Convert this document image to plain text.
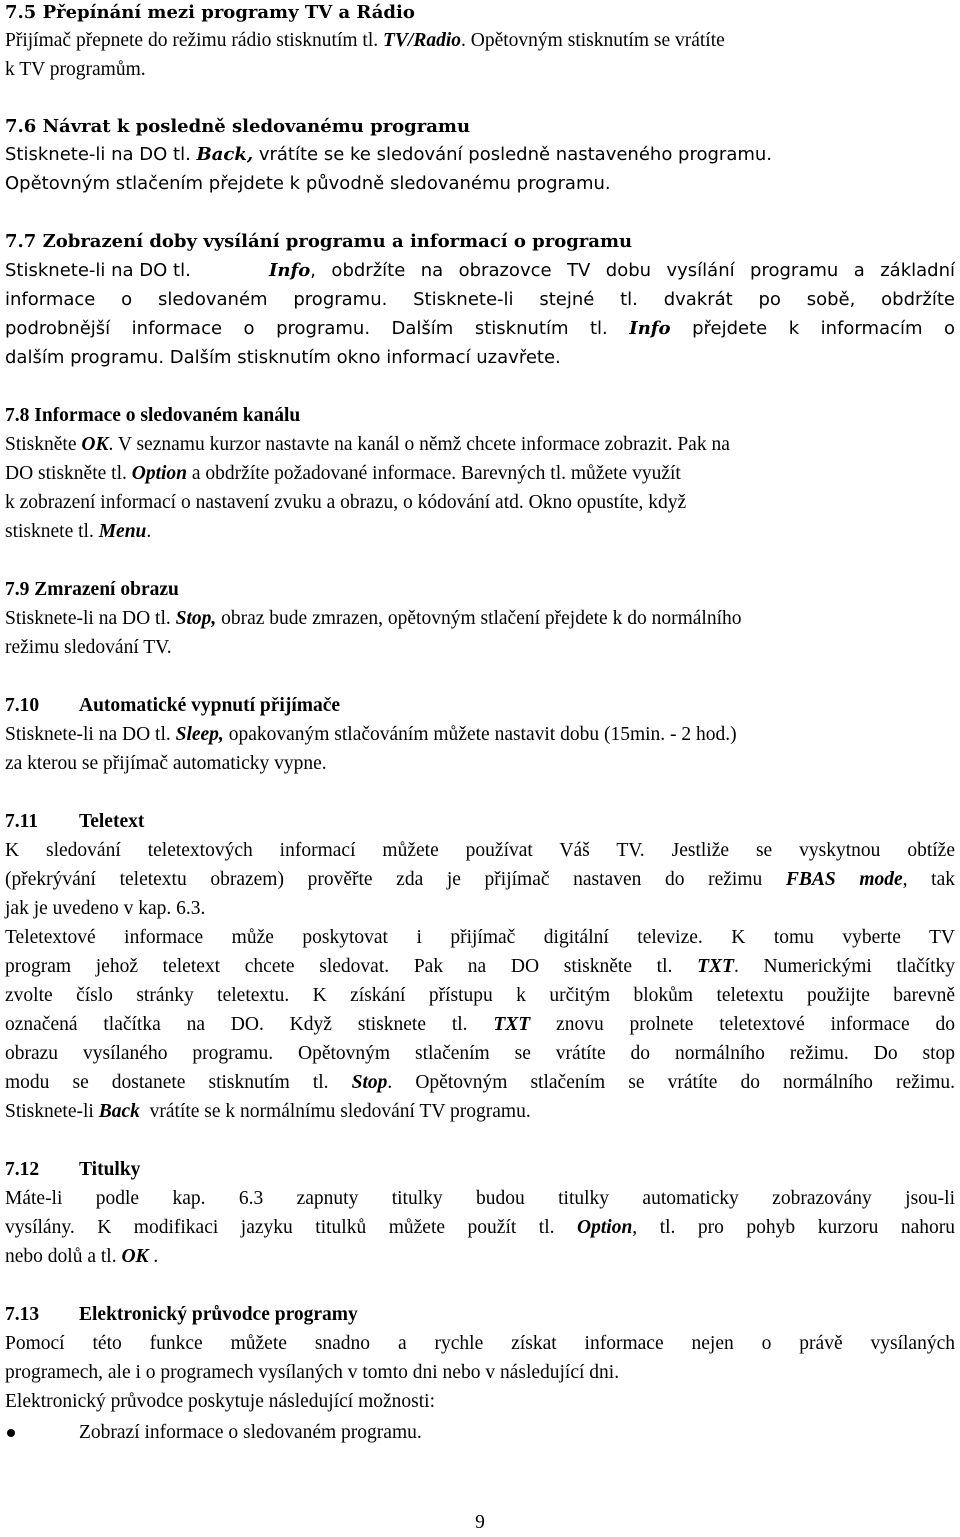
7.5 Přepínání mezi programy TV a Rádio
Přijímač přepnete do režimu rádio stisknutím tl. TV/Radio. Opětovným stisknutím se vrátíte
k TV programům.
7.6 Návrat k posledně sledovanému programu
Stisknete-li na DO tl. Back, vrátíte se ke sledování posledně nastaveného programu.
Opětovným stlačením přejdete k původně sledovanému programu.
7.7 Zobrazení doby vysílání programu a informací o programu
Stisknete-li na DO tl.	Info, obdržíte na obrazovce TV dobu vysílání programu a základní
informace o sledovaném programu. Stisknete-li stejné tl. dvakrát po sobě, obdržíte
podrobnější informace o programu. Dalším stisknutím tl. Info přejdete k informacím o
dalším programu. Dalším stisknutím okno informací uzavřete.
7.8 Informace o sledovaném kanálu
Stiskněte OK. V seznamu kurzor nastavte na kanál o němž chcete informace zobrazit. Pak na
DO stiskněte tl. Option a obdržíte požadované informace. Barevných tl. můžete využít
k zobrazení informací o nastavení zvuku a obrazu, o kódování atd. Okno opustíte, když
stisknete tl. Menu.
7.9 Zmrazení obrazu
Stisknete-li na DO tl. Stop, obraz bude zmrazen, opětovným stlačení přejdete k do normálního
režimu sledování TV.
7.10 Automatické vypnutí přijímače
Stisknete-li na DO tl. Sleep, opakovaným stlačováním můžete nastavit dobu (15min. - 2 hod.)
za kterou se přijímač automaticky vypne.
7.11 Teletext
K sledování teletextových informací můžete používat Váš TV. Jestliže se vyskytnou obtíže
(překrývání teletextu obrazem) prověřte zda je přijímač nastaven do režimu FBAS mode, tak
jak je uvedeno v kap. 6.3.
Teletextové informace může poskytovat i přijímač digitální televize. K tomu vyberte TV
program jehož teletext chcete sledovat. Pak na DO stiskněte tl. TXT. Numerickými tlačítky
zvolte číslo stránky teletextu. K získání přístupu k určitým blokům teletextu použijte barevně
označená tlačítka na DO. Když stisknete tl. TXT znovu prolnete teletextové informace do
obrazu vysílaného programu. Opětovným stlačením se vrátíte do normálního režimu. Do stop
modu se dostanete stisknutím tl. Stop. Opětovným stlačením se vrátíte do normálního režimu.
Stisknete-li Back  vrátíte se k normálnímu sledování TV programu.
7.12 Titulky
Máte-li podle kap. 6.3 zapnuty titulky budou titulky automaticky zobrazovány jsou-li
vysílány. K modifikaci jazyku titulků můžete použít tl. Option, tl. pro pohyb kurzoru nahoru
nebo dolů a tl. OK .
7.13 Elektronický průvodce programy
Pomocí této funkce můžete snadno a rychle získat informace nejen o právě vysílaných
programech, ale i o programech vysílaných v tomto dni nebo v následující dni.
Elektronický průvodce poskytuje následující možnosti:
Zobrazí informace o sledovaném programu.
9
